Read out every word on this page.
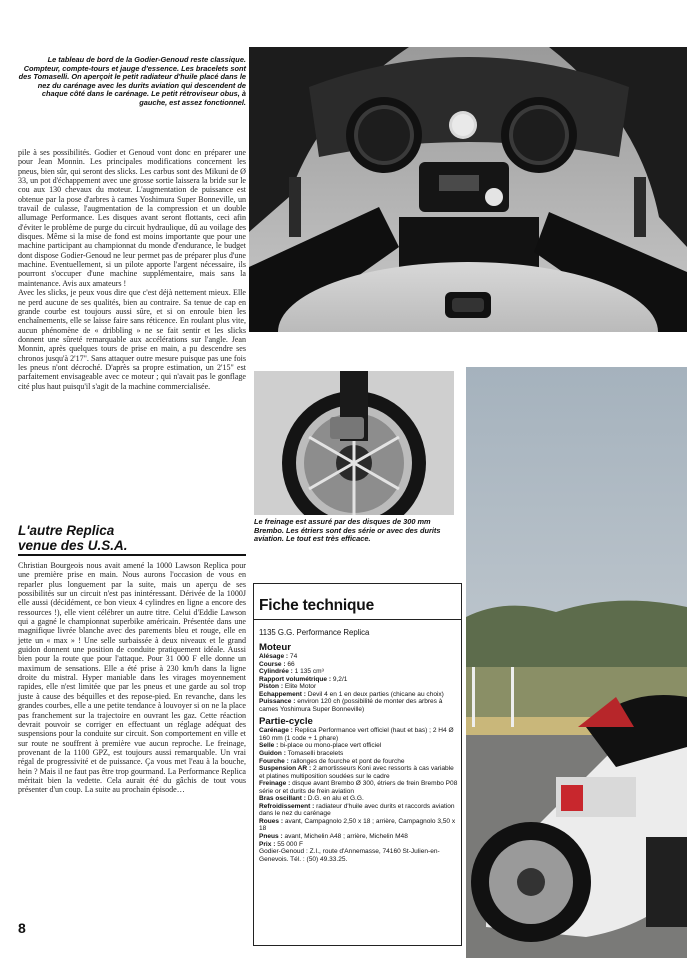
Le tableau de bord de la Godier-Genoud reste classique. Compteur, compte-tours et jauge d'essence. Les bracelets sont des Tomaselli. On aperçoit le petit radiateur d'huile placé dans le nez du carénage avec les durits aviation qui descendent de chaque côté dans le carénage. Le petit rétroviseur obus, à gauche, est assez fonctionnel.

pile à ses possibilités. Godier et Genoud vont donc en préparer une pour Jean Monnin. Les principales modifications concernent les pneus, bien sûr, qui seront des slicks. Les carbus sont des Mikuni de Ø 33, un pot d'échappement avec une grosse sortie laissera la bride sur le cou aux 130 chevaux du moteur. L'augmentation de puissance est obtenue par la pose d'arbres à cames Yoshimura Super Bonneville, un travail de culasse, l'augmentation de la compression et un double allumage Performance. Les disques avant seront flottants, ceci afin d'éviter le problème de purge du circuit hydraulique, dû au voilage des disques. Même si la mise de fond est moins importante que pour une machine participant au championnat du monde d'endurance, le budget dont dispose Godier-Genoud ne leur permet pas de préparer plus d'une machine. Eventuellement, si un pilote apporte l'argent nécessaire, ils pourront s'occuper d'une machine supplémentaire, mais sans la maintenance. Avis aux amateurs !

Avec les slicks, je peux vous dire que c'est déjà nettement mieux. Elle ne perd aucune de ses qualités, bien au contraire. Sa tenue de cap en grande courbe est toujours aussi sûre, et si on enroule bien les enchaînements, elle se laisse faire sans réticence. En roulant plus vite, aucun phénomène de « dribbling » ne se fait sentir et les slicks donnent une sûreté remarquable aux accélérations sur l'angle. Jean Monnin, après quelques tours de prise en main, a pu descendre ses chronos jusqu'à 2'17". Sans attaquer outre mesure puisque pas une fois les pneus n'ont décroché. D'après sa propre estimation, un 2'15" est parfaitement envisageable avec ce moteur ; qui n'avait pas le gonflage cité plus haut puisqu'il s'agit de la machine commercialisée.

L'autre Replica
venue des U.S.A.

Christian Bourgeois nous avait amené la 1000 Lawson Replica pour une première prise en main. Nous aurons l'occasion de vous en reparler plus longuement par la suite, mais un aperçu de ses possibilités sur un circuit n'est pas inintéressant. Dérivée de la 1000J elle aussi (décidément, ce bon vieux 4 cylindres en ligne a encore des ressources !), elle vient célébrer un autre titre. Celui d'Eddie Lawson qui a gagné le championnat superbike américain. Présentée dans une magnifique livrée blanche avec des parements bleu et rouge, elle en jette un « max » ! Une selle surbaissée à deux niveaux et le grand guidon donnent une position de conduite pratiquement idéale. Aussi bien pour la route que pour l'attaque. Pour 31 000 F elle donne un maximum de sensations. Elle a été prise à 230 km/h dans la ligne droite du mistral. Hyper maniable dans les virages moyennement rapides, elle n'est limitée que par les pneus et une garde au sol trop juste à cause des béquilles et des repose-pied. En revanche, dans les grandes courbes, elle a une petite tendance à louvoyer si on ne la place pas franchement sur la trajectoire en ouvrant les gaz. Cette réaction devrait pouvoir se corriger en effectuant un réglage adéquat des suspensions pour la conduite sur circuit. Son comportement en ville et sur route ne souffrent à première vue aucun reproche. Le freinage, provenant de la 1100 GPZ, est toujours aussi remarquable. Un vrai régal de progressivité et de puissance. Ça vous met l'eau à la bouche, hein ? Mais il ne faut pas être trop gourmand. La Performance Replica méritait bien la vedette. Cela aurait été du gâchis de tout vous présenter d'un coup. La suite au prochain épisode…

8
Le freinage est assuré par des disques de 300 mm Brembo. Les étriers sont des série or avec des durits aviation. Le tout est très efficace.
Fiche technique
1135 G.G. Performance Replica
Moteur
Alésage : 74
Course : 66
Cylindrée : 1 135 cm³
Rapport volumétrique : 9,2/1
Piston : Elite Motor
Echappement : Devil 4 en 1 en deux parties (chicane au choix)
Puissance : environ 120 ch (possibilité de monter des arbres à cames Yoshimura Super Bonneville)
Partie-cycle
Carénage : Replica Performance vert officiel (haut et bas) ; 2 H4 Ø 160 mm (1 code + 1 phare)
Selle : bi-place ou mono-place vert officiel
Guidon : Tomaselli bracelets
Fourche : rallonges de fourche et pont de fourche
Suspension AR : 2 amortisseurs Koni avec ressorts à cas variable et platines multiposition soudées sur le cadre
Freinage : disque avant Brembo Ø 300, étriers de frein Brembo P08 série or et durits de frein aviation
Bras oscillant : D.G. en alu et G.G.
Refroidissement : radiateur d'huile avec durits et raccords aviation dans le nez du carénage
Roues : avant, Campagnolo 2,50 x 18 ; arrière, Campagnolo 3,50 x 18
Pneus : avant, Michelin A48 ; arrière, Michelin M48
Prix : 55 000 F
Godier-Genoud : Z.I., route d'Annemasse, 74160 St-Julien-en-Genevois. Tél. : (50) 49.33.25.
